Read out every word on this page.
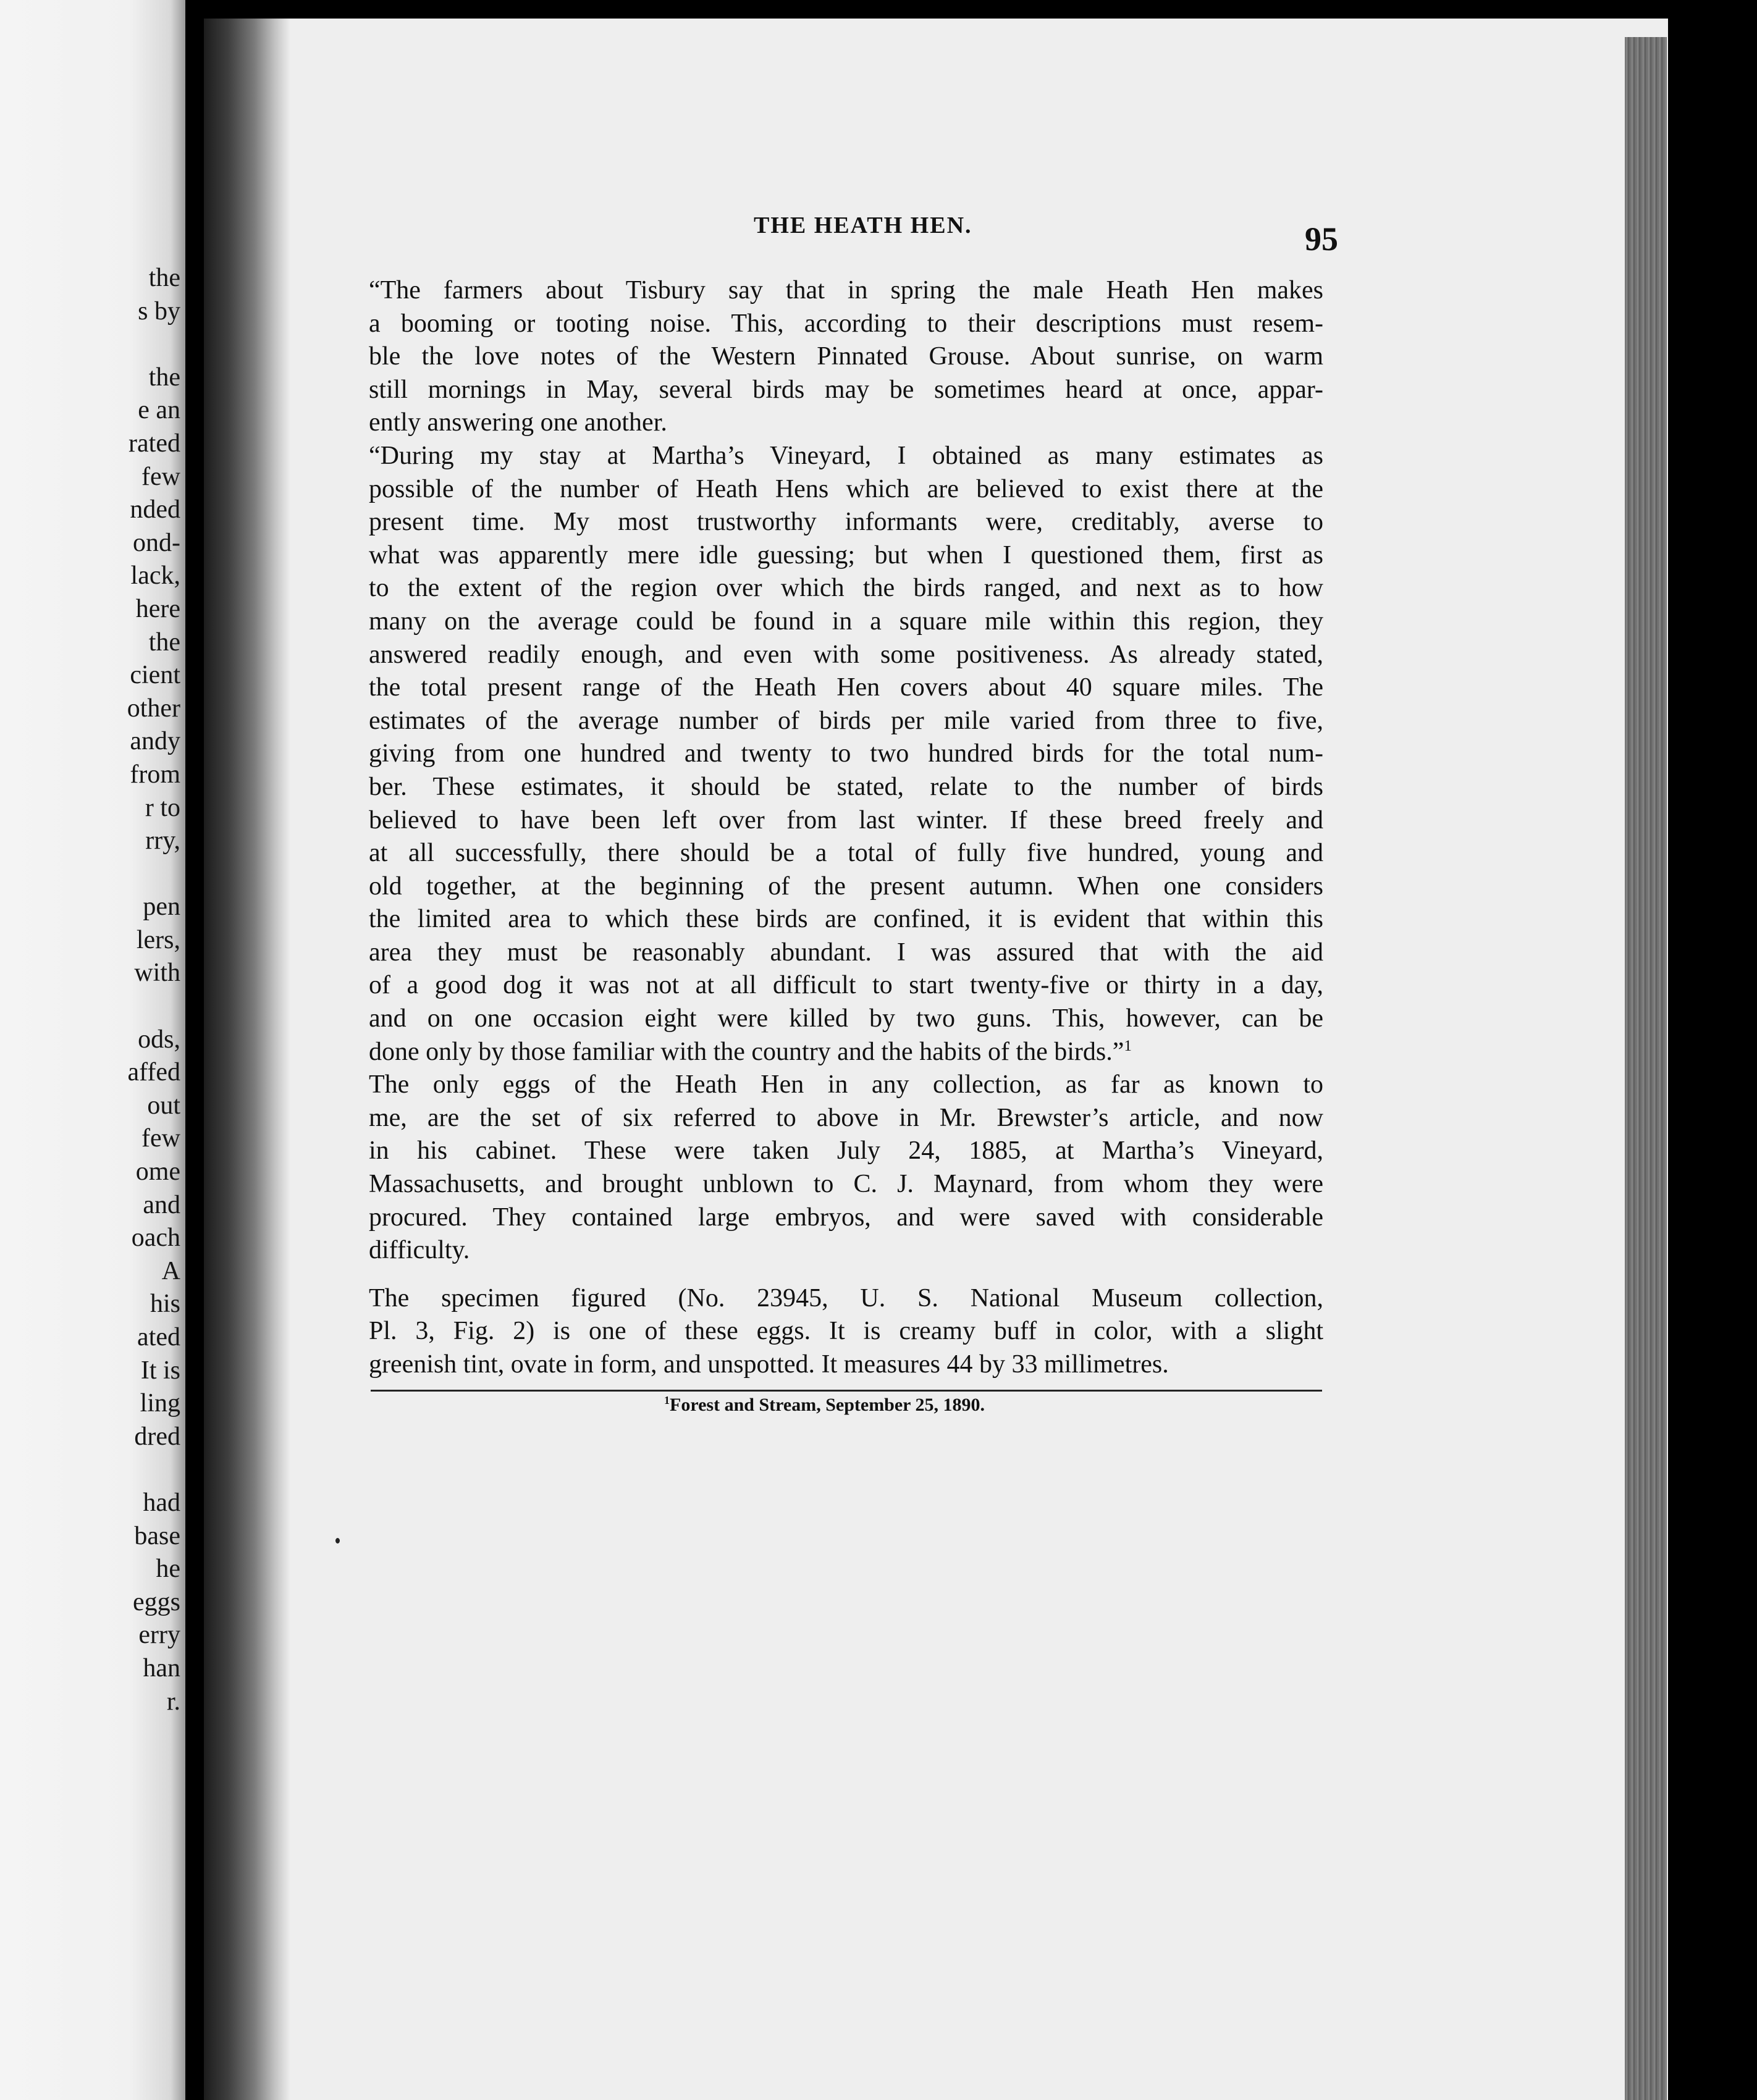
the
s by
the
e an
rated
few
nded
ond-
lack,
here
the
cient
other
andy
from
r to
rry,
pen
lers,
with
ods,
affed
out
few
ome
and
oach
A
his
ated
It is
ling
dred
had
base
he
eggs
erry
han
r.
THE HEATH HEN.	95
“The farmers about Tisbury say that in spring the male Heath Hen makes
a booming or tooting noise. This, according to their descriptions must resem-
ble the love notes of the Western Pinnated Grouse. About sunrise, on warm
still mornings in May, several birds may be sometimes heard at once, appar-
ently answering one another.
“During my stay at Martha’s Vineyard, I obtained as many estimates as
possible of the number of Heath Hens which are believed to exist there at the
present time. My most trustworthy informants were, creditably, averse to
what was apparently mere idle guessing; but when I questioned them, first as
to the extent of the region over which the birds ranged, and next as to how
many on the average could be found in a square mile within this region, they
answered readily enough, and even with some positiveness. As already stated,
the total present range of the Heath Hen covers about 40 square miles. The
estimates of the average number of birds per mile varied from three to five,
giving from one hundred and twenty to two hundred birds for the total num-
ber. These estimates, it should be stated, relate to the number of birds
believed to have been left over from last winter. If these breed freely and
at all successfully, there should be a total of fully five hundred, young and
old together, at the beginning of the present autumn. When one considers
the limited area to which these birds are confined, it is evident that within this
area they must be reasonably abundant. I was assured that with the aid
of a good dog it was not at all difficult to start twenty-five or thirty in a day,
and on one occasion eight were killed by two guns. This, however, can be
done only by those familiar with the country and the habits of the birds.”$^1$
The only eggs of the Heath Hen in any collection, as far as known to
me, are the set of six referred to above in Mr. Brewster’s article, and now
in his cabinet. These were taken July 24, 1885, at Martha’s Vineyard,
Massachusetts, and brought unblown to C. J. Maynard, from whom they were
procured. They contained large embryos, and were saved with considerable
difficulty.
The specimen figured (No. 23945, U. S. National Museum collection,
Pl. 3, Fig. 2) is one of these eggs. It is creamy buff in color, with a slight
greenish tint, ovate in form, and unspotted. It measures 44 by 33 millimetres.
$^1$Forest and Stream, September 25, 1890.
